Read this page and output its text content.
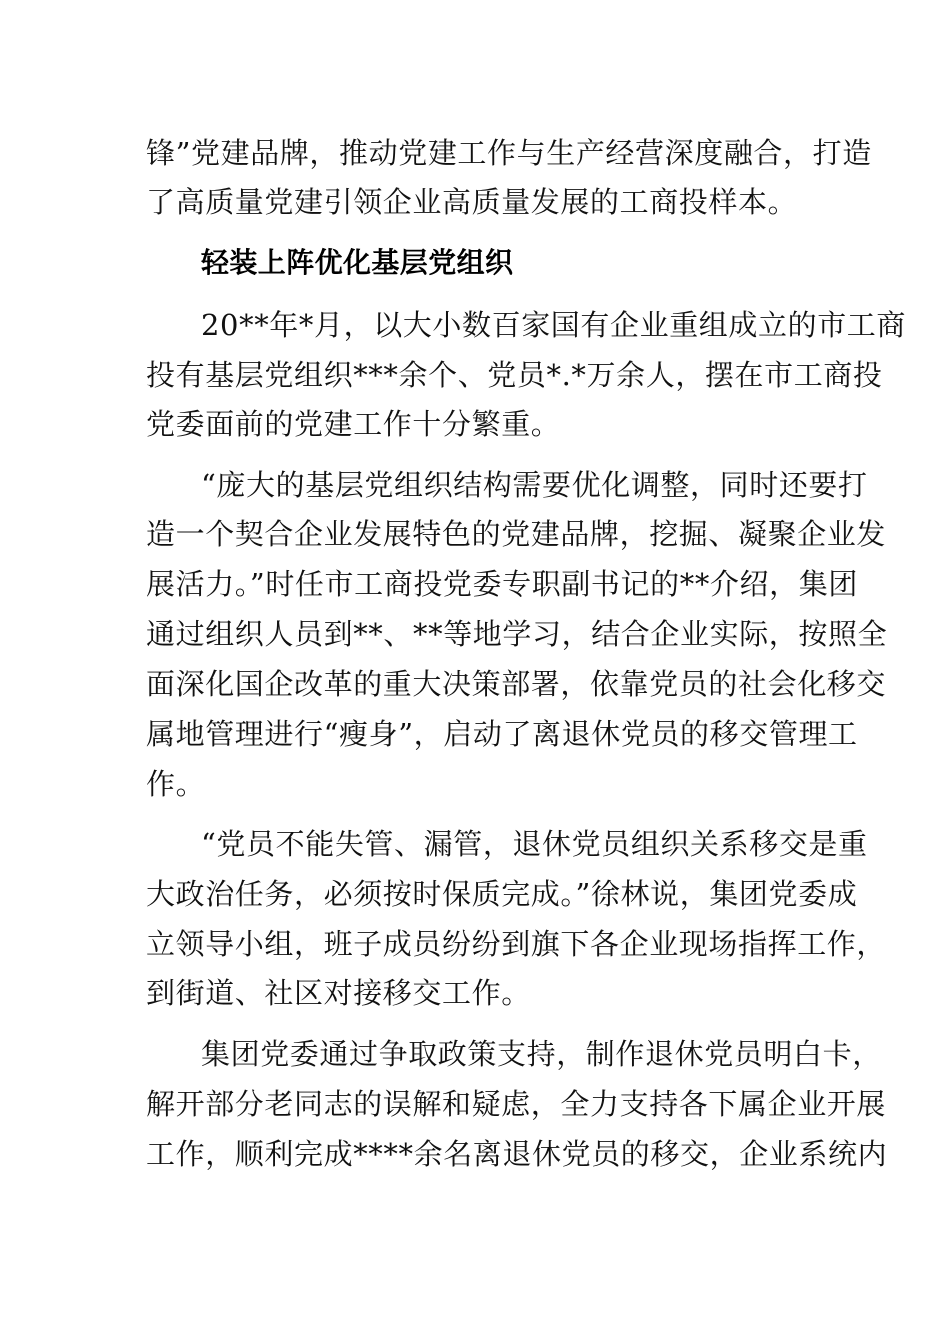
锋”党建品牌，推动党建工作与生产经营深度融合，打造
了高质量党建引领企业高质量发展的工商投样本。
轻装上阵优化基层党组织
20**年*月，以大小数百家国有企业重组成立的市工商
投有基层党组织***余个、党员*.*万余人，摆在市工商投
党委面前的党建工作十分繁重。
“庞大的基层党组织结构需要优化调整，同时还要打
造一个契合企业发展特色的党建品牌，挖掘、凝聚企业发
展活力。”时任市工商投党委专职副书记的**介绍，集团
通过组织人员到**、**等地学习，结合企业实际，按照全
面深化国企改革的重大决策部署，依靠党员的社会化移交
属地管理进行“瘦身”，启动了离退休党员的移交管理工
作。
“党员不能失管、漏管，退休党员组织关系移交是重
大政治任务，必须按时保质完成。”徐林说，集团党委成
立领导小组，班子成员纷纷到旗下各企业现场指挥工作，
到街道、社区对接移交工作。
集团党委通过争取政策支持，制作退休党员明白卡，
解开部分老同志的误解和疑虑，全力支持各下属企业开展
工作，顺利完成****余名离退休党员的移交，企业系统内
